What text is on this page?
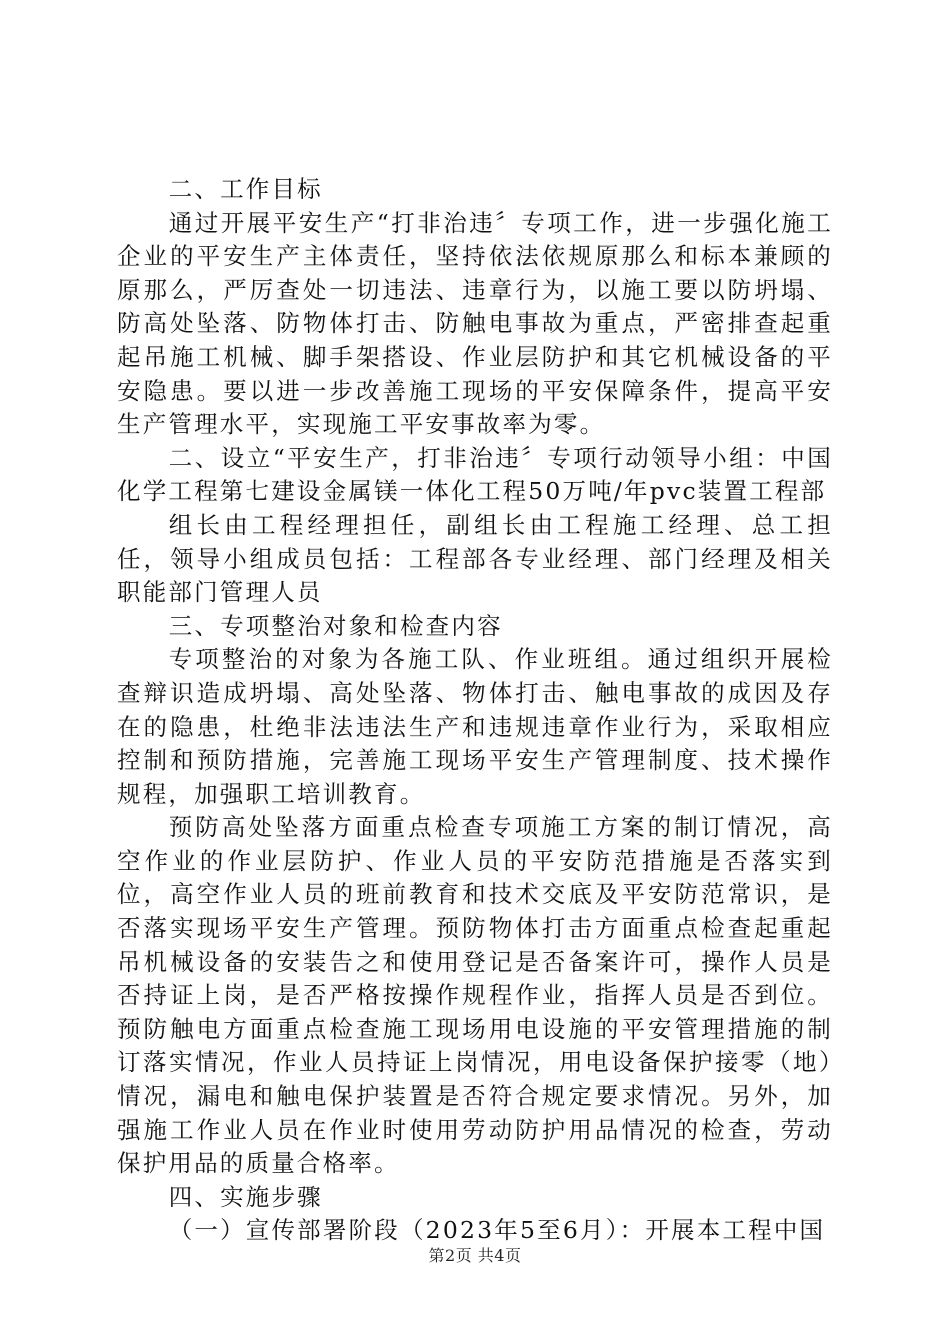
二、工作目标

通过开展平安生产“打非治违〞专项工作，进一步强化施工企业的平安生产主体责任，坚持依法依规原那么和标本兼顾的原那么，严厉查处一切违法、违章行为，以施工要以防坍塌、防高处坠落、防物体打击、防触电事故为重点，严密排查起重起吊施工机械、脚手架搭设、作业层防护和其它机械设备的平安隐患。要以进一步改善施工现场的平安保障条件，提高平安生产管理水平，实现施工平安事故率为零。

二、设立“平安生产，打非治违〞专项行动领导小组：中国化学工程第七建设金属镁一体化工程50万吨/年pvc装置工程部

组长由工程经理担任，副组长由工程施工经理、总工担任，领导小组成员包括：工程部各专业经理、部门经理及相关职能部门管理人员

三、专项整治对象和检查内容

专项整治的对象为各施工队、作业班组。通过组织开展检查辩识造成坍塌、高处坠落、物体打击、触电事故的成因及存在的隐患，杜绝非法违法生产和违规违章作业行为，采取相应控制和预防措施，完善施工现场平安生产管理制度、技术操作规程，加强职工培训教育。

预防高处坠落方面重点检查专项施工方案的制订情况，高空作业的作业层防护、作业人员的平安防范措施是否落实到位，高空作业人员的班前教育和技术交底及平安防范常识，是否落实现场平安生产管理。预防物体打击方面重点检查起重起吊机械设备的安装告之和使用登记是否备案许可，操作人员是否持证上岗，是否严格按操作规程作业，指挥人员是否到位。预防触电方面重点检查施工现场用电设施的平安管理措施的制订落实情况，作业人员持证上岗情况，用电设备保护接零（地）情况，漏电和触电保护装置是否符合规定要求情况。另外，加强施工作业人员在作业时使用劳动防护用品情况的检查，劳动保护用品的质量合格率。

四、实施步骤

（一）宣传部署阶段（2023年5至6月）：开展本工程中国

第2页 共4页
